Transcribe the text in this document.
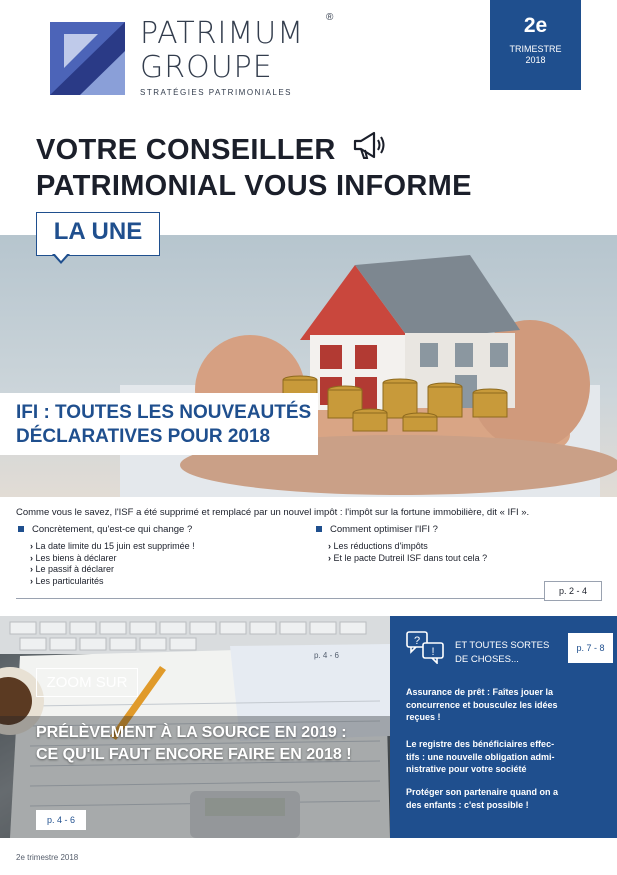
PATRIMUM
GROUPE
®
STRATÉGIES PATRIMONIALES
2e
TRIMESTRE
2018
VOTRE CONSEILLER
PATRIMONIAL VOUS INFORME
LA UNE
IFI : TOUTES LES NOUVEAUTÉS
DÉCLARATIVES POUR 2018
Comme vous le savez, l'ISF a été supprimé et remplacé par un nouvel impôt : l'impôt sur la fortune immobilière, dit « IFI ».
Concrètement, qu'est-ce qui change ?	Comment optimiser l'IFI ?
› La date limite du 15 juin est supprimée !
› Les biens à déclarer
› Le passif à déclarer
› Les particularités
› Les réductions d'impôts
› Et le pacte Dutreil ISF dans tout cela ?
p. 2 - 4
p. 4 - 6
ZOOM SUR
PRÉLÈVEMENT À LA SOURCE EN 2019 :
CE QU'IL FAUT ENCORE FAIRE EN 2018 !
p. 4 - 6
?
!
ET TOUTES SORTES
DE CHOSES...
p. 7 - 8
Assurance de prêt : Faîtes jouer la
concurrence et bousculez les idées
reçues !
Le registre des bénéficiaires effec-
tifs : une nouvelle obligation admi-
nistrative pour votre société
Protéger son partenaire quand on a
des enfants : c'est possible !
2e trimestre 2018
